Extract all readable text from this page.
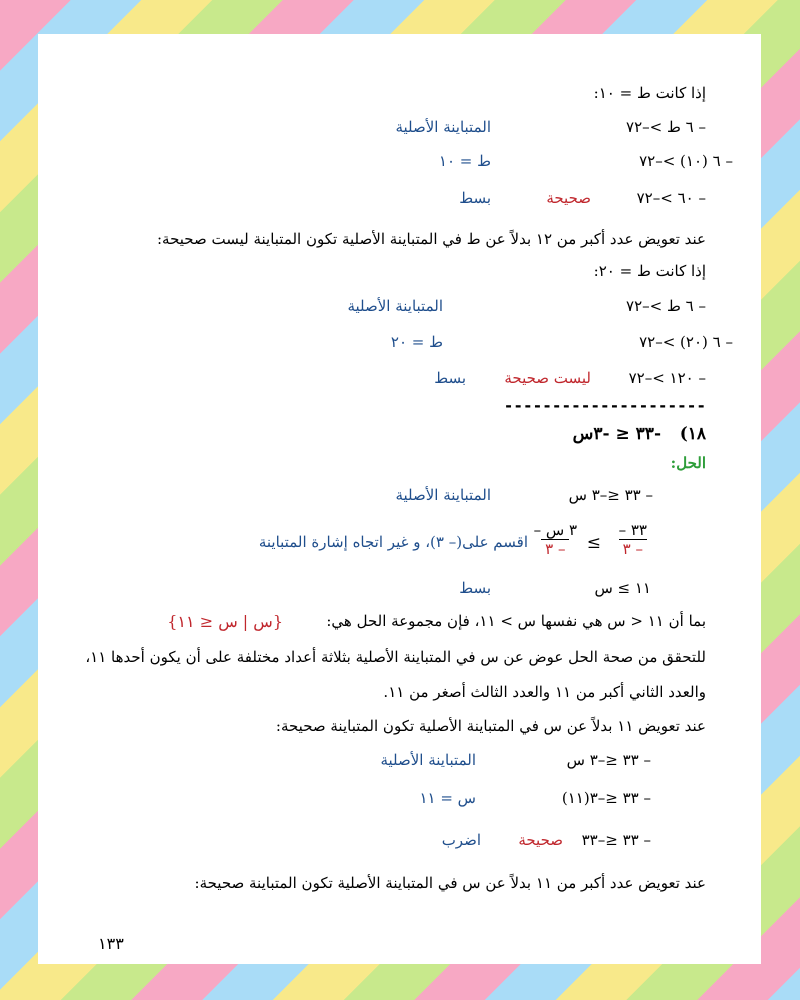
إذا كانت ط = ١٠:
– ٦ ط >–٧٢
المتباينة الأصلية
– ٦ (١٠) >–٧٢
ط = ١٠
– ٦٠ >–٧٢
صحيحة
بسط
عند تعويض عدد أكبر من ١٢ بدلاً عن ط في المتباينة الأصلية تكون المتباينة ليست صحيحة:
إذا كانت ط = ٢٠:
– ٦ ط >–٧٢
المتباينة الأصلية
– ٦ (٢٠) >–٧٢
ط = ٢٠
– ١٢٠ >–٧٢
ليست صحيحة
بسط
---------------------
١٨)
-٣٣ ≤ -٣س
الحل:
– ٣٣ ≤–٣ س
المتباينة الأصلية
– ٣٣
٣ –
≥
– ٣ س
٣ –
اقسم على(– ٣)، و غير اتجاه إشارة المتباينة
١١ ≥ س
بسط
بما أن ١١ < س هي نفسها س > ١١، فإن مجموعة الحل هي:
{س | س ≤ ١١}
للتحقق من صحة الحل عوض عن س في المتباينة الأصلية بثلاثة أعداد مختلفة على أن يكون أحدها ١١،
والعدد الثاني أكبر من ١١ والعدد الثالث أصغر من ١١.
عند تعويض ١١ بدلاً عن س في المتباينة الأصلية تكون المتباينة صحيحة:
– ٣٣ ≤–٣ س
المتباينة الأصلية
– ٣٣ ≤–٣(١١)
س = ١١
– ٣٣ ≤–٣٣
صحيحة
اضرب
عند تعويض عدد أكبر من ١١ بدلاً عن س في المتباينة الأصلية تكون المتباينة صحيحة:
١٣٣
